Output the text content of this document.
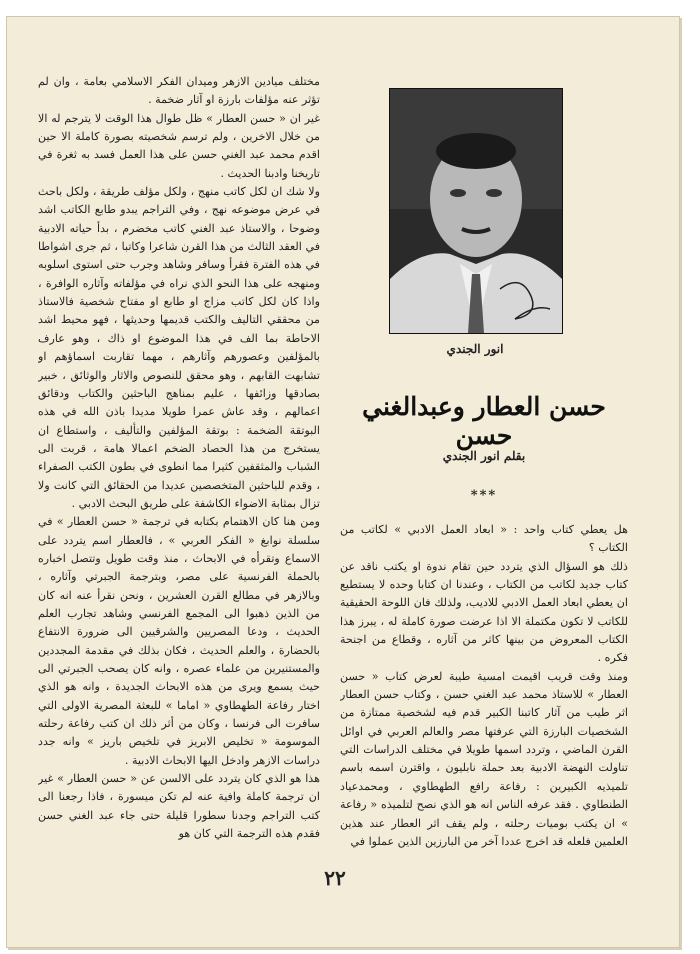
مختلف ميادين الازهر وميدان الفكر الاسلامي بعامة ، وان لم تؤثر عنه مؤلفات بارزة او آثار ضخمة .

غير ان « حسن العطار » ظل طوال هذا الوقت لا يترجم له الا من خلال الاخرين ، ولم ترسم شخصيته بصورة كاملة الا حين اقدم محمد عبد الغني حسن على هذا العمل فسد به ثغرة في تاريخنا وادبنا الحديث .

ولا شك ان لكل كاتب منهج ، ولكل مؤلف طريقة ، ولكل باحث في عرض موضوعه نهج ، وفي التراجم يبدو طابع الكاتب اشد وضوحا ، والاستاذ عبد الغني كاتب مخضرم ، بدأ حياته الادبية في العقد الثالث من هذا القرن شاعرا وكاتبا ، ثم جرى اشواطا في هذه الفترة فقرأ وسافر وشاهد وجرب حتى استوى اسلوبه ومنهجه على هذا النحو الذي نراه في مؤلفاته وآثاره الوافرة ، واذا كان لكل كاتب مزاج او طابع او مفتاح شخصية فالاستاذ من محققي التاليف والكتب قديمها وحديثها ، فهو محيط اشد الاحاطة بما الف في هذا الموضوع او ذاك ، وهو عارف بالمؤلفين وعصورهم وآثارهم ، مهما تقاربت اسماؤهم او تشابهت القابهم ، وهو محقق للنصوص والاثار والوثائق ، خبير بصادقها وزائفها ، عليم بمناهج الباحثين والكتاب ودقائق اعمالهم ، وقد عاش عمرا طويلا مديدا باذن الله في هذه البوتقة الضخمة : بوتقة المؤلفين والتأليف ، واستطاع ان يستخرج من هذا الحصاد الضخم اعمالا هامة ، قربت الى الشباب والمثقفين كثيرا مما انطوى في بطون الكتب الصفراء ، وقدم للباحثين المتخصصين عديدا من الحقائق التي كانت ولا تزال بمثابة الاضواء الكاشفة على طريق البحث الادبي .

ومن هنا كان الاهتمام بكتابه في ترجمة « حسن العطار » في سلسلة نوابغ « الفكر العربي » ، فالعطار اسم يتردد على الاسماع وتقرأه في الابحاث ، منذ وقت طويل وتتصل اخباره بالحملة الفرنسية على مصر، وبترجمة الجبرتي وآثاره ، وبالازهر في مطالع القرن العشرين ، ونحن نقرأ عنه انه كان من الذين ذهبوا الى المجمع الفرنسي وشاهد تجارب العلم الحديث ، ودعا المصريين والشرقيين الى ضرورة الانتفاع بالحضارة ، والعلم الحديث ، فكان بذلك في مقدمة المجددين والمستنيرين من علماء عصره ، وانه كان يصحب الجبرتي الى حيث يسمع ويرى من هذه الابحاث الجديدة ، وانه هو الذي اختار رفاعة الطهطاوي « اماما » للبعثة المصرية الاولى التي سافرت الى فرنسا ، وكان من أثر ذلك ان كتب رفاعة رحلته الموسومة « تخليص الابريز في تلخيص باريز » وانه جدد دراسات الازهر وادخل اليها الابحاث الادبية .

هذا هو الذي كان يتردد على الالسن عن « حسن العطار » غير ان ترجمة كاملة وافية عنه لم تكن ميسورة ، فاذا رجعنا الى كتب التراجم وجدنا سطورا قليلة حتى جاء عبد الغني حسن فقدم هذه الترجمة التي كان هو

انور الجندي
حسن العطار وعبدالغني حسن
بقلم انور الجندي
***

هل يعطي كتاب واحد : « ابعاد العمل الادبي » لكاتب من الكتاب ؟

ذلك هو السؤال الذي يتردد حين تقام ندوة او يكتب ناقد عن كتاب جديد لكاتب من الكتاب ، وعندنا ان كتابا وحده لا يستطيع ان يعطي ابعاد العمل الادبي للاديب، ولذلك فان اللوحة الحقيقية للكاتب لا تكون مكتملة الا اذا عرضت صورة كاملة له ، يبرز هذا الكتاب المعروض من بينها كاثر من آثاره ، وقطاع من اجنحة فكره .

ومنذ وقت قريب اقيمت امسية طيبة لعرض كتاب « حسن العطار » للاستاذ محمد عبد الغني حسن ، وكتاب حسن العطار اثر طيب من آثار كاتبنا الكبير قدم فيه لشخصية ممتازة من الشخصيات البارزة التي عرفتها مصر والعالم العربي في اوائل القرن الماضي ، وتردد اسمها طويلا في مختلف الدراسات التي تناولت النهضة الادبية بعد حملة نابليون ، واقترن اسمه باسم تلميذيه الكبيرين : رفاعة رافع الطهطاوي ، ومحمدعياد الطنطاوي . فقد عرفه الناس انه هو الذي نصح لتلميذه « رفاعة » ان يكتب بوميات رحلته ، ولم يقف اثر العطار عند هذين العلمين فلعله قد اخرج عددا آخر من البارزين الذين عملوا في

٢٢
